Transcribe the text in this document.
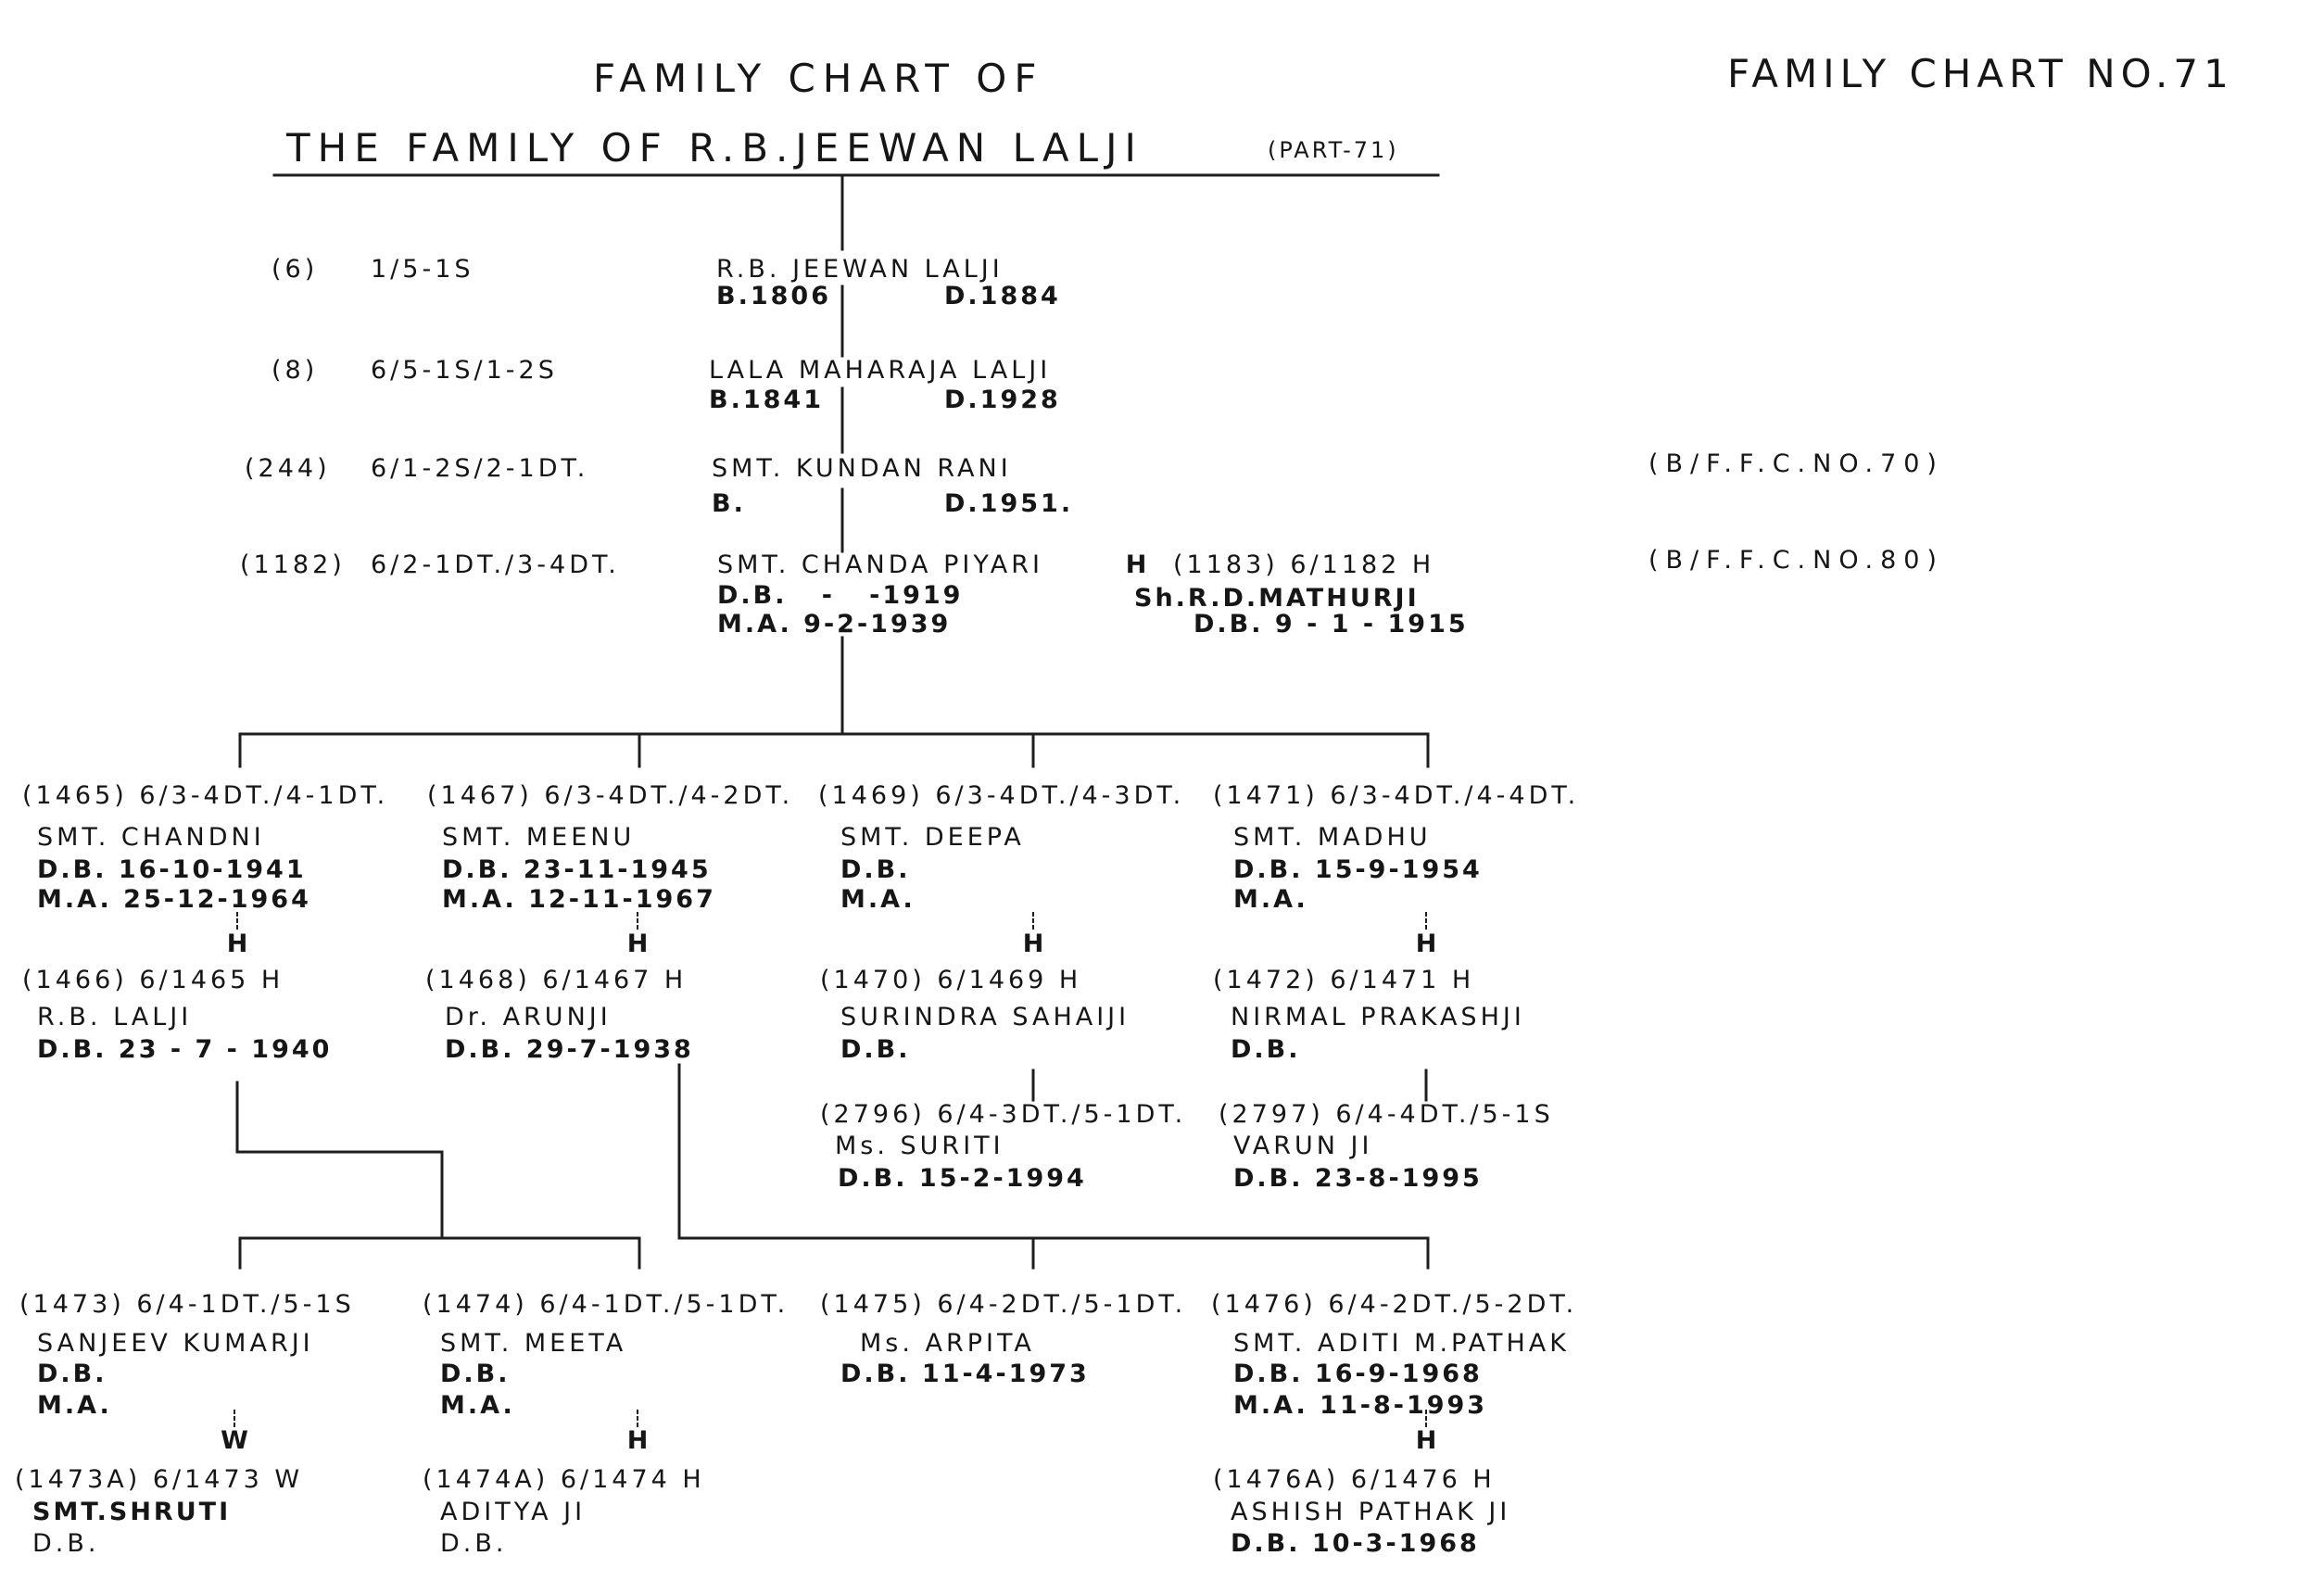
FAMILY CHART OF
THE FAMILY OF R.B.JEEWAN LALJI	(PART-71)
FAMILY CHART NO.71
(6) 1/5-1S	R.B. JEEWAN LALJI
B.1806	D.1884
(8) 6/5-1S/1-2S	LALA MAHARAJA LALJI
B.1841	D.1928
(244) 6/1-2S/2-1DT.	SMT. KUNDAN RANI
B.	D.1951.
(B/F.F.C.NO.70)
(1182) 6/2-1DT./3-4DT.	SMT. CHANDA PIYARI
D.B.   -   -1919
M.A. 9-2-1939
(B/F.F.C.NO.80)
H (1183) 6/1182 H
Sh.R.D.MATHURJI
D.B. 9 - 1 - 1915
(1465) 6/3-4DT./4-1DT.
SMT. CHANDNI
D.B. 16-10-1941
M.A. 25-12-1964
H
(1466) 6/1465 H
R.B. LALJI
D.B. 23 - 7 - 1940
(1467) 6/3-4DT./4-2DT.
SMT. MEENU
D.B. 23-11-1945
M.A. 12-11-1967
H
(1468) 6/1467 H
Dr. ARUNJI
D.B. 29-7-1938
(1469) 6/3-4DT./4-3DT.
SMT. DEEPA
D.B.
M.A.
H
(1470) 6/1469 H
SURINDRA SAHAIJI
D.B.
(1471) 6/3-4DT./4-4DT.
SMT. MADHU
D.B. 15-9-1954
M.A.
H
(1472) 6/1471 H
NIRMAL PRAKASHJI
D.B.
(2796) 6/4-3DT./5-1DT.
Ms. SURITI
D.B. 15-2-1994
(2797) 6/4-4DT./5-1S
VARUN JI
D.B. 23-8-1995
(1473) 6/4-1DT./5-1S
SANJEEV KUMARJI
D.B.
M.A.
W
(1473A) 6/1473 W
SMT.SHRUTI
D.B.
(1474) 6/4-1DT./5-1DT.
SMT. MEETA
D.B.
M.A.
H
(1474A) 6/1474 H
ADITYA JI
D.B.
(1475) 6/4-2DT./5-1DT.
Ms. ARPITA
D.B. 11-4-1973
(1476) 6/4-2DT./5-2DT.
SMT. ADITI M.PATHAK
D.B. 16-9-1968
M.A. 11-8-1993
H
(1476A) 6/1476 H
ASHISH PATHAK JI
D.B. 10-3-1968
